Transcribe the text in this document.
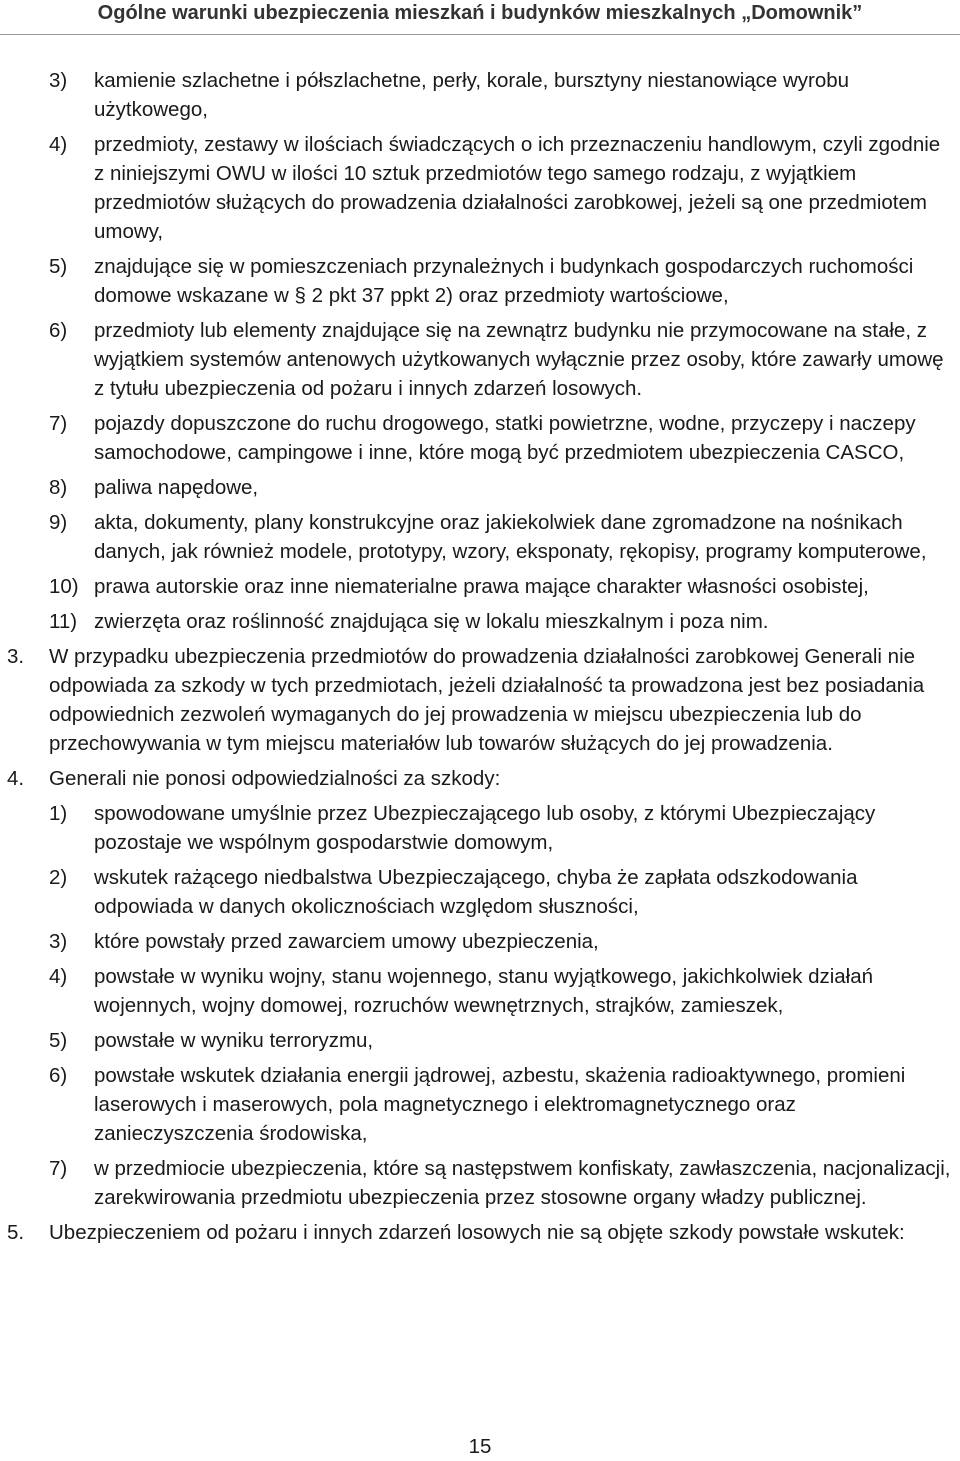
Ogólne warunki ubezpieczenia mieszkań i budynków mieszkalnych „Domownik”
3) kamienie szlachetne i półszlachetne, perły, korale, bursztyny niestanowiące wyrobu użytkowego,
4) przedmioty, zestawy w ilościach świadczących o ich przeznaczeniu handlowym, czyli zgodnie z niniejszymi OWU w ilości 10 sztuk przedmiotów tego samego rodzaju, z wyjątkiem przedmiotów służących do prowadzenia działalności zarobkowej, jeżeli są one przedmiotem umowy,
5) znajdujące się w pomieszczeniach przynależnych i budynkach gospodarczych ruchomości domowe wskazane w § 2 pkt 37 ppkt 2) oraz przedmioty wartościowe,
6) przedmioty lub elementy znajdujące się na zewnątrz budynku nie przymocowane na stałe, z wyjątkiem systemów antenowych użytkowanych wyłącznie przez osoby, które zawarły umowę z tytułu ubezpieczenia od pożaru i innych zdarzeń losowych.
7) pojazdy dopuszczone do ruchu drogowego, statki powietrzne, wodne, przyczepy i naczepy samochodowe, campingowe i inne, które mogą być przedmiotem ubezpieczenia CASCO,
8) paliwa napędowe,
9) akta, dokumenty, plany konstrukcyjne oraz jakiekolwiek dane zgromadzone na nośnikach danych, jak również modele, prototypy, wzory, eksponaty, rękopisy, programy komputerowe,
10) prawa autorskie oraz inne niematerialne prawa mające charakter własności osobistej,
11) zwierzęta oraz roślinność znajdująca się w lokalu mieszkalnym i poza nim.
3. W przypadku ubezpieczenia przedmiotów do prowadzenia działalności zarobkowej Generali nie odpowiada za szkody w tych przedmiotach, jeżeli działalność ta prowadzona jest bez posiadania odpowiednich zezwoleń wymaganych do jej prowadzenia w miejscu ubezpieczenia lub do przechowywania w tym miejscu materiałów lub towarów służących do jej prowadzenia.
4. Generali nie ponosi odpowiedzialności za szkody:
1) spowodowane umyślnie przez Ubezpieczającego lub osoby, z którymi Ubezpieczający pozostaje we wspólnym gospodarstwie domowym,
2) wskutek rażącego niedbalstwa Ubezpieczającego, chyba że zapłata odszkodowania odpowiada w danych okolicznościach względom słuszności,
3) które powstały przed zawarciem umowy ubezpieczenia,
4) powstałe w wyniku wojny, stanu wojennego, stanu wyjątkowego, jakichkolwiek działań wojennych, wojny domowej, rozruchów wewnętrznych, strajków, zamieszek,
5) powstałe w wyniku terroryzmu,
6) powstałe wskutek działania energii jądrowej, azbestu, skażenia radioaktywnego, promieni laserowych i maserowych, pola magnetycznego i elektromagnetycznego oraz zanieczyszczenia środowiska,
7) w przedmiocie ubezpieczenia, które są następstwem konfiskaty, zawłaszczenia, nacjonalizacji, zarekwirowania przedmiotu ubezpieczenia przez stosowne organy władzy publicznej.
5. Ubezpieczeniem od pożaru i innych zdarzeń losowych nie są objęte szkody powstałe wskutek:
15
